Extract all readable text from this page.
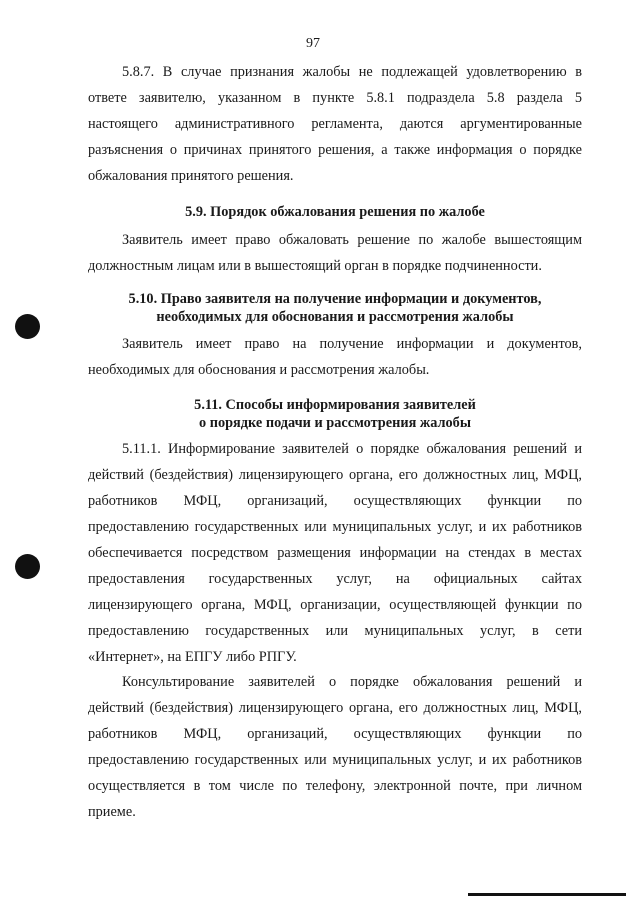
97
5.8.7. В случае признания жалобы не подлежащей удовлетворению в
ответе заявителю, указанном в пункте 5.8.1 подраздела 5.8 раздела 5
настоящего административного регламента, даются аргументированные
разъяснения о причинах принятого решения, а также информация о порядке
обжалования принятого решения.
5.9. Порядок обжалования решения по жалобе
Заявитель имеет право обжаловать решение по жалобе вышестоящим
должностным лицам или в вышестоящий орган в порядке подчиненности.
5.10. Право заявителя на получение информации и документов,
необходимых для обоснования и рассмотрения жалобы
Заявитель имеет право на получение информации и документов,
необходимых для обоснования и рассмотрения жалобы.
5.11. Способы информирования заявителей
о порядке подачи и рассмотрения жалобы
5.11.1. Информирование заявителей о порядке обжалования решений и
действий (бездействия) лицензирующего органа, его должностных лиц, МФЦ,
работников МФЦ, организаций, осуществляющих функции по
предоставлению государственных или муниципальных услуг, и их работников
обеспечивается посредством размещения информации на стендах в местах
предоставления государственных услуг, на официальных сайтах
лицензирующего органа, МФЦ, организации, осуществляющей функции по
предоставлению государственных или муниципальных услуг, в сети
«Интернет», на ЕПГУ либо РПГУ.
Консультирование заявителей о порядке обжалования решений и
действий (бездействия) лицензирующего органа, его должностных лиц, МФЦ,
работников МФЦ, организаций, осуществляющих функции по
предоставлению государственных или муниципальных услуг, и их работников
осуществляется в том числе по телефону, электронной почте, при личном
приеме.
